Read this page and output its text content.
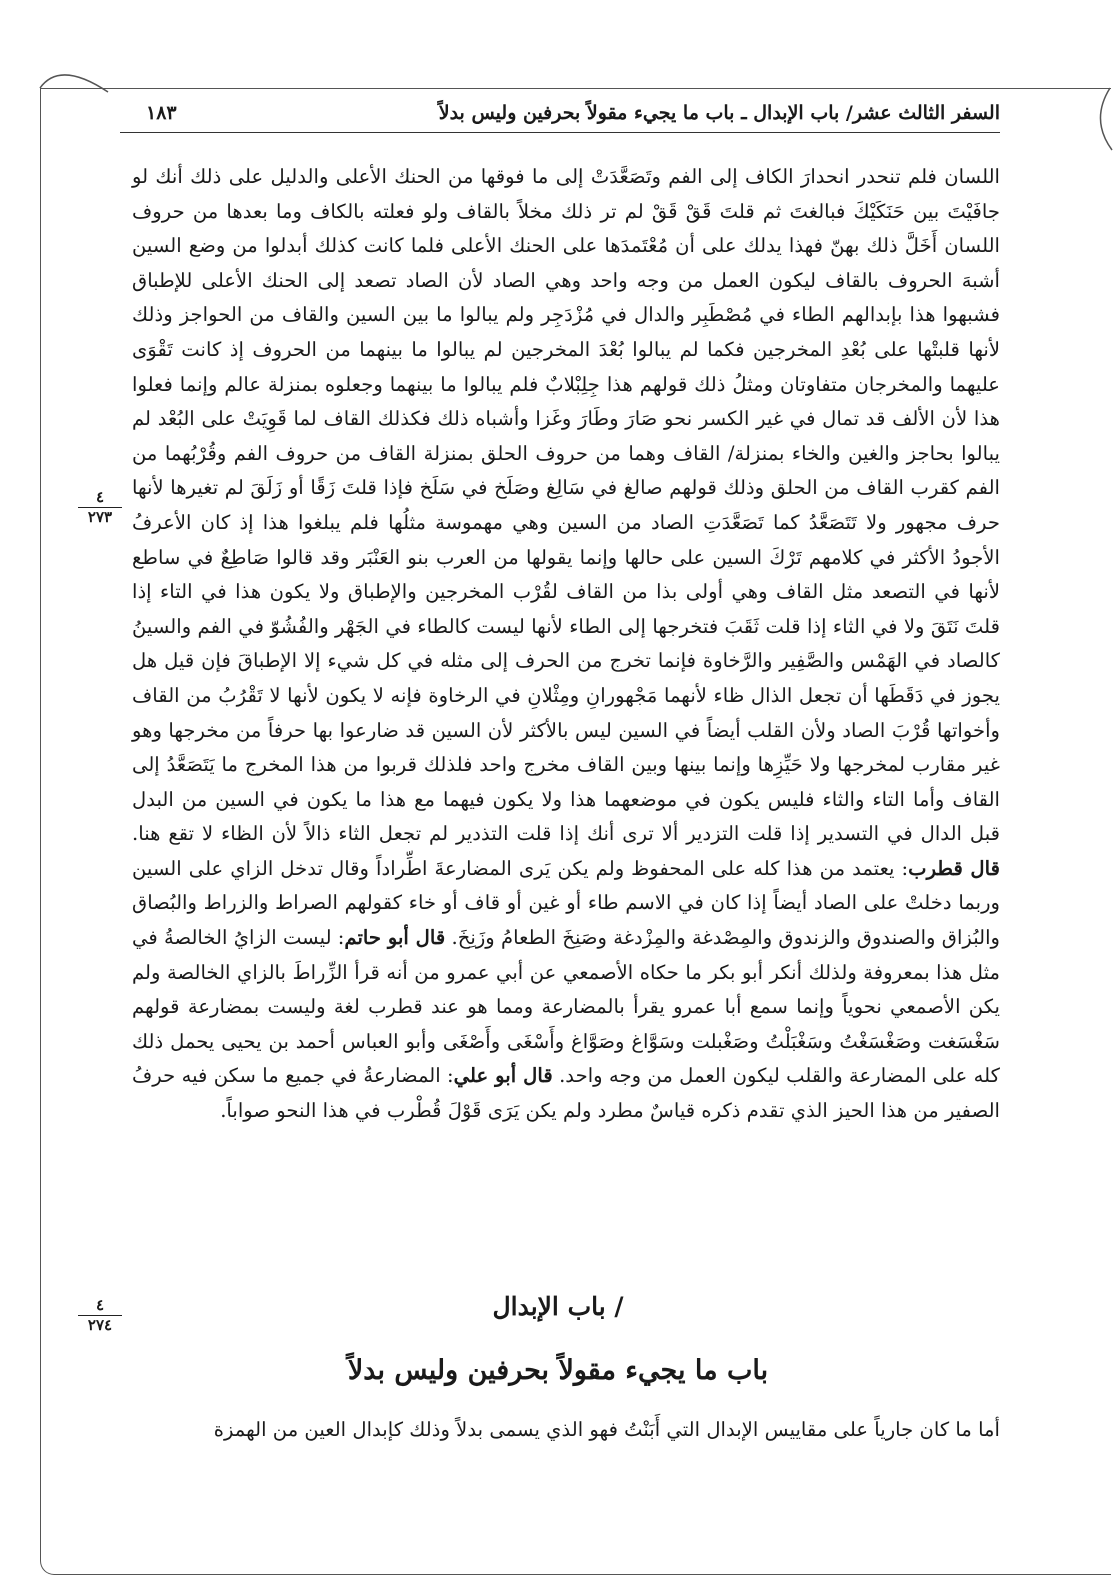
السفر الثالث عشر/ باب الإبدال ـ باب ما يجيء مقولاً بحرفين وليس بدلاً
١٨٣
٤
٢٧٣
٤
٢٧٤

اللسان فلم تنحدر انحدارَ الكاف إلى الفم وتَصَعَّدَتْ إلى ما فوقها من الحنك الأعلى والدليل على ذلك أنك لو جافَيْتَ بين حَنَكَيْكَ فبالغتَ ثم قلتَ قَقْ قَقْ لم تر ذلك مخلاً بالقاف ولو فعلته بالكاف وما بعدها من حروف اللسان أَخَلَّ ذلك بهنّ فهذا يدلك على أن مُعْتَمدَها على الحنك الأعلى فلما كانت كذلك أبدلوا من وضع السين أشبهَ الحروف بالقاف ليكون العمل من وجه واحد وهي الصاد لأن الصاد تصعد إلى الحنك الأعلى للإطباق فشبهوا هذا بإبدالهم الطاء في مُصْطَبِر والدال في مُزْدَجِر ولم يبالوا ما بين السين والقاف من الحواجز وذلك لأنها قلبتْها على بُعْدِ المخرجين فكما لم يبالوا بُعْدَ المخرجين لم يبالوا ما بينهما من الحروف إذ كانت تَقْوَى عليهما والمخرجان متفاوتان ومثلُ ذلك قولهم هذا جِلِبْلابٌ فلم يبالوا ما بينهما وجعلوه بمنزلة عالم وإنما فعلوا هذا لأن الألف قد تمال في غير الكسر نحو صَارَ وطَارَ وغَزا وأشباه ذلك فكذلك القاف لما قَوِيَتْ على البُعْد لم يبالوا بحاجز والغين والخاء بمنزلة/ القاف وهما من حروف الحلق بمنزلة القاف من حروف الفم وقُرْبُهما من الفم كقرب القاف من الحلق وذلك قولهم صالغ في سَالِغ وصَلَخ في سَلَخ فإذا قلتَ زَقًا أو زَلَقَ لم تغيرها لأنها حرف مجهور ولا تَتَصَعَّدُ كما تَصَعَّدَتِ الصاد من السين وهي مهموسة مثلُها فلم يبلغوا هذا إذ كان الأعرفُ الأجودُ الأكثر في كلامهم تَرْكَ السين على حالها وإنما يقولها من العرب بنو العَنْبَر وقد قالوا صَاطِعٌ في ساطع لأنها في التصعد مثل القاف وهي أولى بذا من القاف لقُرْب المخرجين والإطباق ولا يكون هذا في التاء إذا قلتَ نَتَقَ ولا في الثاء إذا قلت ثَقَبَ فتخرجها إلى الطاء لأنها ليست كالطاء في الجَهْر والفُشُوّ في الفم والسينُ كالصاد في الهَمْس والصَّفِير والرَّخاوة فإنما تخرج من الحرف إلى مثله في كل شيء إلا الإطباقَ فإن قيل هل يجوز في دَقَطَها أن تجعل الذال ظاء لأنهما مَجْهورانِ ومِثْلانِ في الرخاوة فإنه لا يكون لأنها لا تَقْرُبُ من القاف وأخواتها قُرْبَ الصاد ولأن القلب أيضاً في السين ليس بالأكثر لأن السين قد ضارعوا بها حرفاً من مخرجها وهو غير مقارب لمخرجها ولا حَيِّزِها وإنما بينها وبين القاف مخرج واحد فلذلك قربوا من هذا المخرج ما يَتَصَعَّدُ إلى القاف وأما التاء والثاء فليس يكون في موضعهما هذا ولا يكون فيهما مع هذا ما يكون في السين من البدل قبل الدال في التسدير إذا قلت التزدير ألا ترى أنك إذا قلت التذدير لم تجعل الثاء ذالاً لأن الظاء لا تقع هنا. قال قطرب: يعتمد من هذا كله على المحفوظ ولم يكن يَرى المضارعةَ اطِّراداً وقال تدخل الزاي على السين وربما دخلتْ على الصاد أيضاً إذا كان في الاسم طاء أو غين أو قاف أو خاء كقولهم الصراط والزراط والبُصاق والبُزاق والصندوق والزندوق والمِصْدغة والمِزْدغة وصَنِخَ الطعامُ وزَنِخَ. قال أبو حاتم: ليست الزايُ الخالصةُ في مثل هذا بمعروفة ولذلك أنكر أبو بكر ما حكاه الأصمعي عن أبي عمرو من أنه قرأ الزِّراطَ بالزاي الخالصة ولم يكن الأصمعي نحوياً وإنما سمع أبا عمرو يقرأ بالمضارعة ومما هو عند قطرب لغة وليست بمضارعة قولهم سَغْسَغت وصَغْسَغْتُ وسَغْبَلْتُ وصَغْبلت وسَوَّاغ وصَوَّاغ وأَسْغَى وأَصْغَى وأبو العباس أحمد بن يحيى يحمل ذلك كله على المضارعة والقلب ليكون العمل من وجه واحد. قال أبو علي: المضارعةُ في جميع ما سكن فيه حرفُ الصفير من هذا الحيز الذي تقدم ذكره قياسٌ مطرد ولم يكن يَرَى قَوْلَ قُطْرب في هذا النحو صواباً.

/ باب الإبدال
باب ما يجيء مقولاً بحرفين وليس بدلاً
أما ما كان جارياً على مقاييس الإبدال التي أَبَنْتُ فهو الذي يسمى بدلاً وذلك كإبدال العين من الهمزة
